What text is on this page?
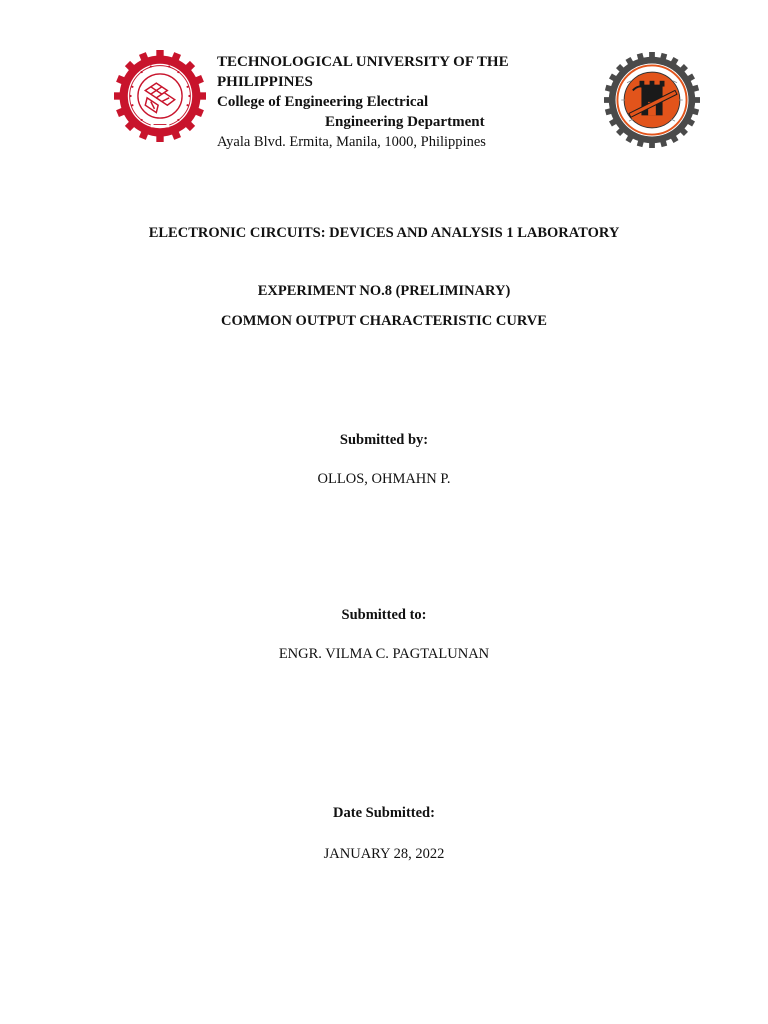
TECHNOLOGICAL UNIVERSITY OF THE
PHILIPPINES
College of Engineering Electrical
Engineering Department
Ayala Blvd. Ermita, Manila, 1000, Philippines
ELECTRONIC CIRCUITS: DEVICES AND ANALYSIS 1 LABORATORY
EXPERIMENT NO.8 (PRELIMINARY)
COMMON OUTPUT CHARACTERISTIC CURVE
Submitted by:
OLLOS, OHMAHN P.
Submitted to:
ENGR. VILMA C. PAGTALUNAN
Date Submitted:
JANUARY 28, 2022
